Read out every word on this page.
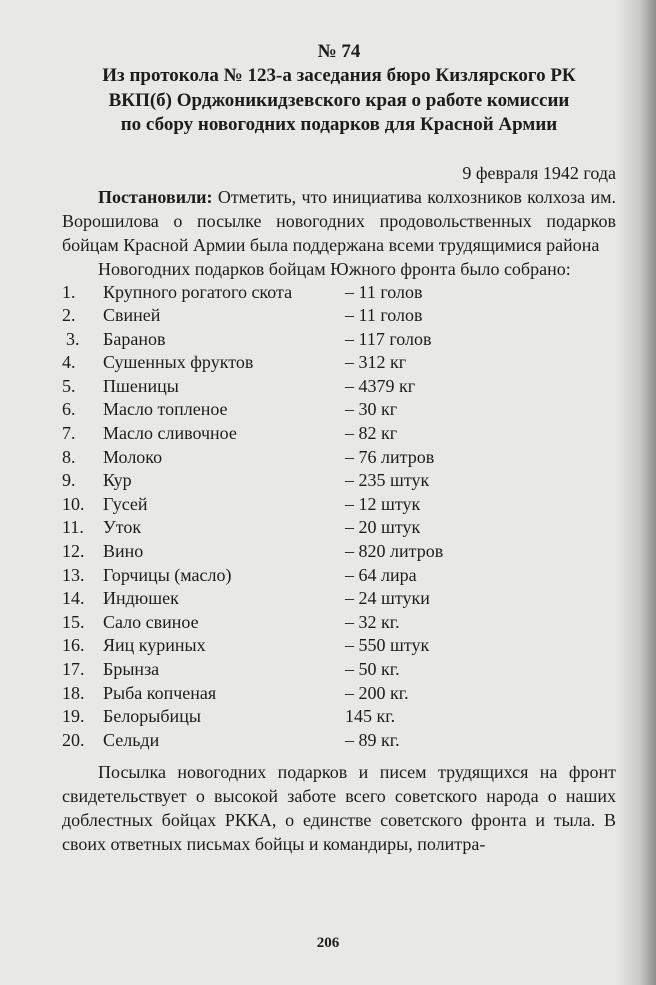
№ 74
Из протокола № 123-а заседания бюро Кизлярского РК
ВКП(б) Орджоникидзевского края о работе комиссии
по сбору новогодних подарков для Красной Армии
9 февраля 1942 года

Постановили: Отметить, что инициатива колхозников колхоза им. Ворошилова о посылке новогодних продовольственных подарков бойцам Красной Армии была поддержана всеми трудящимися района

Новогодних подарков бойцам Южного фронта было собрано:

1. Крупного рогатого скота	– 11 голов
2. Свиней	– 11 голов
3. Баранов	– 117 голов
4. Сушенных фруктов	– 312 кг
5. Пшеницы	– 4379 кг
6. Масло топленое	– 30 кг
7. Масло сливочное	– 82 кг
8. Молоко	– 76 литров
9. Кур	– 235 штук
10. Гусей	– 12 штук
11. Уток	– 20 штук
12. Вино	– 820 литров
13. Горчицы (масло)	– 64 лира
14. Индюшек	– 24 штуки
15. Сало свиное	– 32 кг.
16. Яиц куриных	– 550 штук
17. Брынза	– 50 кг.
18. Рыба копченая	– 200 кг.
19. Белорыбицы	145 кг.
20. Сельди	– 89 кг.

Посылка новогодних подарков и писем трудящихся на фронт свидетельствует о высокой заботе всего советского народа о наших доблестных бойцах РККА, о единстве советского фронта и тыла. В своих ответных письмах бойцы и командиры, политра-

206
